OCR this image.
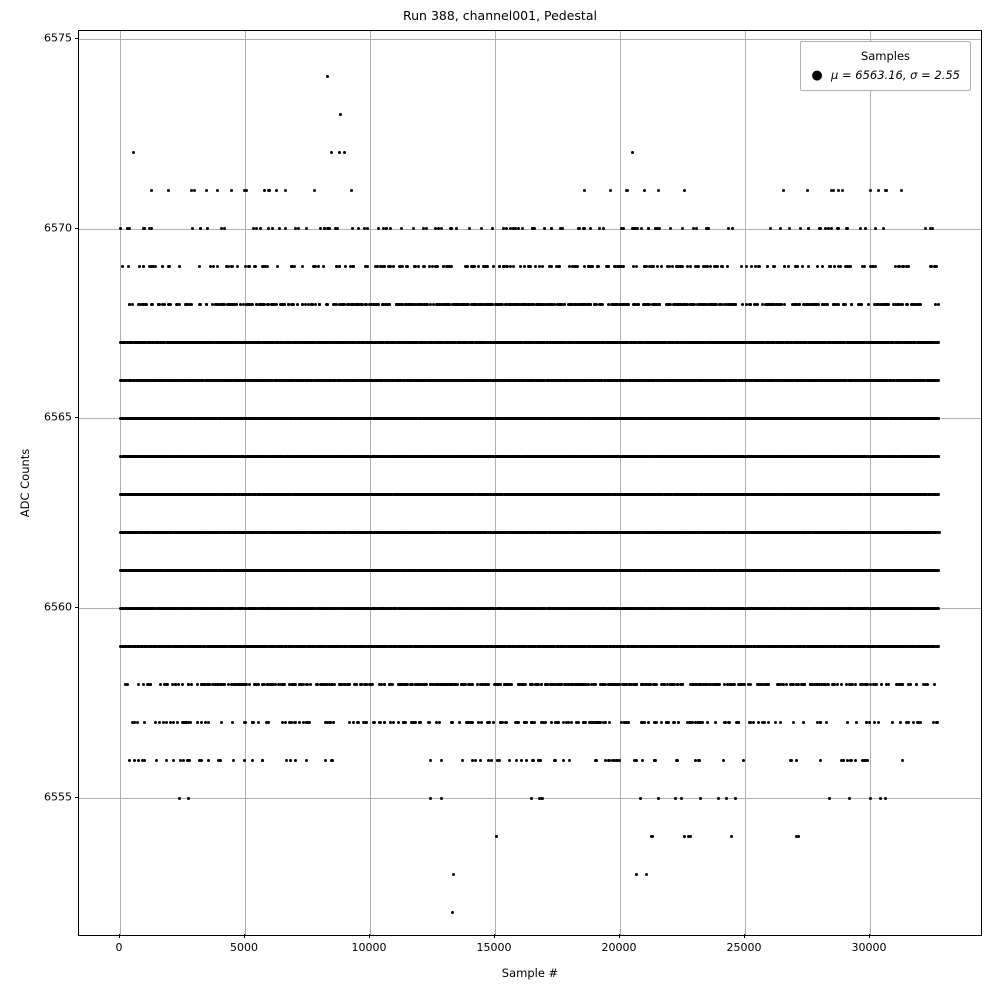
Run 388, channel001, Pedestal
Samples
● μ = 6563.16, σ = 2.55
0	5000	10000	15000	20000	25000	30000
6555
6560
6565
6570
6575
Sample #
ADC Counts
